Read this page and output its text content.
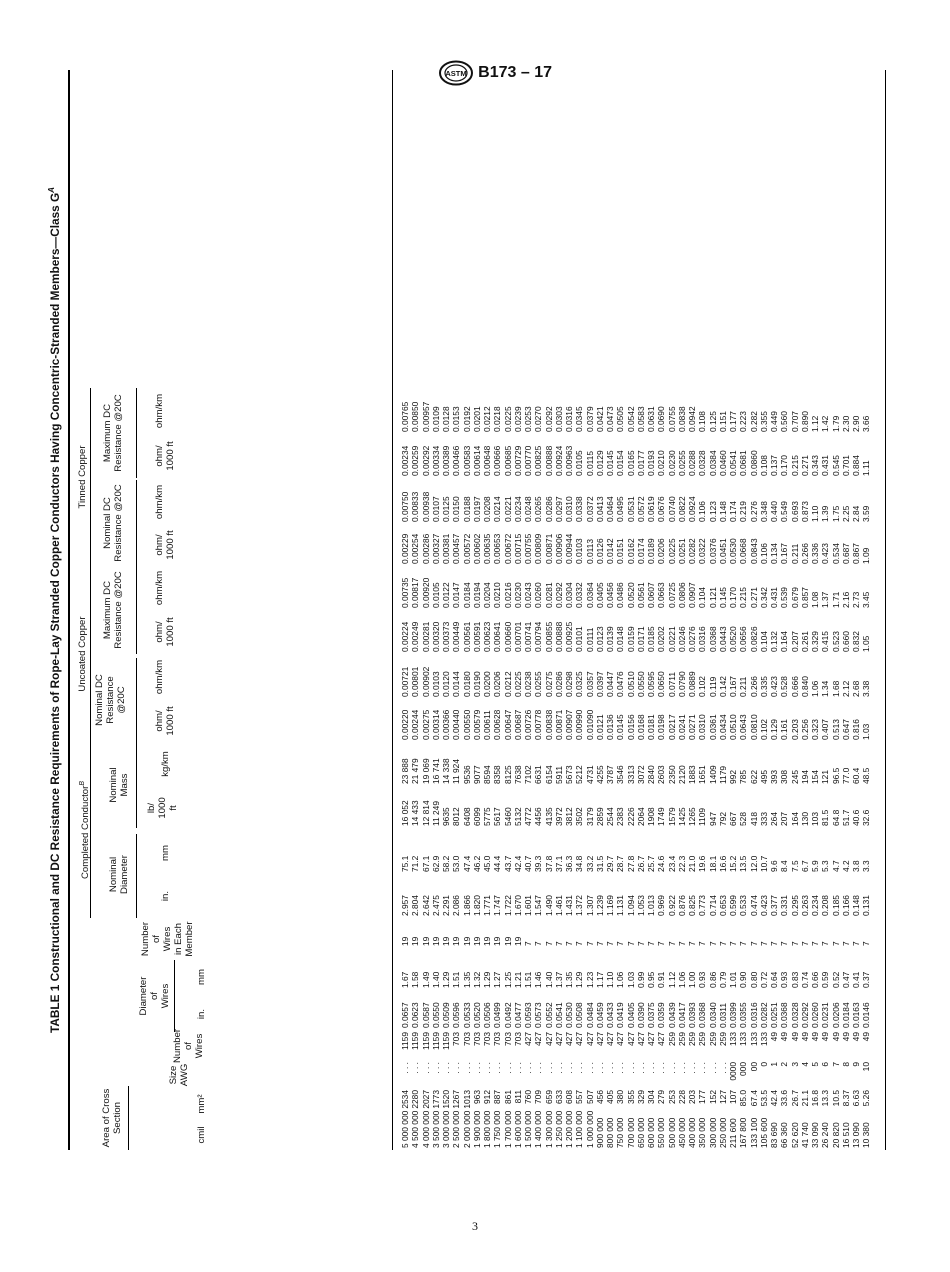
ASTM B173 – 17
TABLE 1 Constructional and DC Resistance Requirements of Rope-Lay Stranded Copper Conductors Having Concentric-Stranded Members—Class $G^A$
Area of Cross
Section
Size
AWG
Number
of
Wires
Diameter
of
Wires
Number
of
Wires
in Each
Member
Completed Conductor$^B$
Nominal
Diameter
Nominal
Mass
Uncoated Copper
Nominal DC
Resistance
@20C
Maximum DC
Resistance @20C
Tinned Copper
Nominal DC
Resistance @20C
Maximum DC
Resistance @20C
cmil
mm²
in.
mm
in.
mm
lb/
1000
ft
kg/km
ohm/
1000 ft
ohm/km
ohm/
1000 ft
ohm/km
ohm/
1000 ft
ohm/km
ohm/
1000 ft
ohm/km
5 000 000 4 500 000 4 000 000 3 500 000 3 000 000 2 500 000 2 000 000 1 900 000 1 800 000 1 750 000 1 700 000 1 600 000 1 500 000 1 400 000 1 300 000 1 250 000 1 200 000 1 100 000 1 000 000 900 000 800 000 750 000 700 000 650 000 600 000 550 000 500 000 450 000 400 000 350 000 300 000 250 000 211 600 167 800 133 100 105 600 83 690 66 360 52 620 41 740 33 090 26 240 20 820 16 510 13 090 10 380
2534 2280 2027 1773 1520 1267 1013 963 912 887 861 811 760 709 659 633 608 557 507 456 405 380 355 329 304 279 253 228 203 177 152 127 107 85.0 67.4 53.5 42.4 33.6 26.7 21.1 16.8 13.3 10.5 8.37 6.63 5.26
. . . . . . . . . . . . . . . . . . . . . . . . . . . . . . . . . . . . . . . . . . . . . . . . . . . . . . . . . . . . . . . . . . . . . . . . . . . . . . . . . . . . . . . . . . . . . . . . 0000 000 00 0 1 2 3 4 5 6 7 8 9 10
1159 1159 1159 1159 1159 703 703 703 703 703 703 703 427 427 427 427 427 427 427 427 427 427 427 427 427 427 259 259 259 259 259 259 133 133 133 133 49 49 49 49 49 49 49 49 49 49
0.0657 0.0623 0.0587 0.0550 0.0509 0.0596 0.0533 0.0520 0.0506 0.0499 0.0492 0.0477 0.0593 0.0573 0.0552 0.0541 0.0530 0.0508 0.0484 0.0459 0.0433 0.0419 0.0405 0.0390 0.0375 0.0359 0.0439 0.0417 0.0393 0.0368 0.0340 0.0311 0.0399 0.0355 0.0316 0.0282 0.0251 0.0368 0.0328 0.0292 0.0260 0.0231 0.0206 0.0184 0.0163 0.0146
1.67 1.58 1.49 1.40 1.29 1.51 1.35 1.32 1.29 1.27 1.25 1.21 1.51 1.46 1.40 1.37 1.35 1.29 1.23 1.17 1.10 1.06 1.03 0.99 0.95 0.91 1.12 1.06 1.00 0.93 0.86 0.79 1.01 0.90 0.80 0.72 0.64 0.93 0.83 0.74 0.66 0.59 0.52 0.47 0.41 0.37
19 19 19 19 19 19 19 19 19 19 19 19 7 7 7 7 7 7 7 7 7 7 7 7 7 7 7 7 7 7 7 7 7 7 7 7 7 7 7 7 7 7 7 7 7 7
2.957 2.804 2.642 2.475 2.291 2.086 1.866 1.820 1.771 1.747 1.722 1.670 1.601 1.547 1.490 1.461 1.431 1.372 1.307 1.239 1.169 1.131 1.094 1.053 1.013 0.969 0.922 0.876 0.825 0.773 0.714 0.653 0.599 0.533 0.474 0.423 0.377 0.331 0.295 0.263 0.234 0.208 0.185 0.166 0.148 0.131
75.1 71.2 67.1 62.9 58.2 53.0 47.4 46.2 45.0 44.4 43.7 42.4 40.7 39.3 37.8 37.1 36.3 34.8 33.2 31.5 29.7 28.7 27.8 26.7 25.7 24.6 23.4 22.3 21.0 19.6 18.1 16.6 15.2 13.5 12.0 10.7 9.6 8.4 7.5 6.7 5.9 5.3 4.7 4.2 3.8 3.3
16 052 14 433 12 814 11 249 9635 8012 6408 6099 5775 5617 5460 5132 4772 4456 4135 3972 3812 3502 3179 2859 2544 2383 2226 2064 1908 1749 1579 1425 1265 1109 947 792 667 528 418 333 264 207 164 130 103 81.5 64.8 51.7 40.6 32.6
23 888 21 479 19 069 16 741 14 338 11 924 9536 9077 8594 8358 8125 7638 7102 6631 6154 5911 5673 5212 4731 4255 3787 3546 3313 3072 2840 2603 2350 2120 1883 1651 1409 1179 992 785 622 495 393 308 245 194 154 121 96.5 77.0 60.4 48.5
0.00220 0.00244 0.00275 0.00314 0.00366 0.00440 0.00550 0.00579 0.00611 0.00628 0.00647 0.00687 0.00726 0.00778 0.00838 0.00871 0.00907 0.00990 0.01090 0.0121 0.0136 0.0145 0.0156 0.0168 0.0181 0.0198 0.0217 0.0241 0.0271 0.0310 0.0361 0.0434 0.0510 0.0643 0.0810 0.102 0.129 0.161 0.203 0.256 0.323 0.407 0.513 0.647 0.816 1.03
0.00721 0.00801 0.00902 0.0103 0.0120 0.0144 0.0180 0.0190 0.0200 0.0206 0.0212 0.0225 0.0238 0.0255 0.0275 0.0286 0.0298 0.0325 0.0357 0.0397 0.0447 0.0476 0.0510 0.0550 0.0595 0.0650 0.0711 0.0790 0.0889 0.102 0.119 0.142 0.167 0.211 0.266 0.335 0.423 0.528 0.666 0.840 1.06 1.34 1.68 2.12 2.68 3.38
0.00224 0.00249 0.00281 0.00320 0.00373 0.00449 0.00561 0.00591 0.00623 0.00641 0.00660 0.00701 0.00741 0.00794 0.00855 0.00888 0.00925 0.0101 0.0111 0.0123 0.0139 0.0148 0.0159 0.0171 0.0185 0.0202 0.0221 0.0246 0.0276 0.0316 0.0368 0.0443 0.0520 0.0656 0.0826 0.104 0.132 0.164 0.207 0.261 0.329 0.415 0.523 0.660 0.832 1.05
0.00735 0.00817 0.00920 0.0105 0.0122 0.0147 0.0184 0.0194 0.0204 0.0210 0.0216 0.0230 0.0243 0.0260 0.0281 0.0292 0.0304 0.0332 0.0364 0.0405 0.0456 0.0486 0.0520 0.0561 0.0607 0.0663 0.0725 0.0806 0.0907 0.104 0.121 0.145 0.170 0.215 0.271 0.342 0.431 0.539 0.679 0.857 1.08 1.37 1.71 2.16 2.73 3.45
0.00229 0.00254 0.00286 0.00327 0.00381 0.00457 0.00572 0.00602 0.00635 0.00653 0.00672 0.00715 0.00755 0.00809 0.00871 0.00906 0.00944 0.0103 0.0113 0.0126 0.0142 0.0151 0.0162 0.0174 0.0189 0.0206 0.0225 0.0251 0.0282 0.0322 0.0376 0.0451 0.0530 0.0668 0.0843 0.106 0.134 0.167 0.211 0.266 0.336 0.423 0.534 0.687 0.867 1.09
0.00750 0.00833 0.00938 0.0107 0.0125 0.0150 0.0188 0.0197 0.0208 0.0214 0.0221 0.0234 0.0248 0.0265 0.0286 0.0297 0.0310 0.0338 0.0372 0.0413 0.0464 0.0495 0.0531 0.0572 0.0619 0.0676 0.0740 0.0822 0.0924 0.106 0.123 0.148 0.174 0.219 0.276 0.348 0.440 0.549 0.693 0.873 1.10 1.39 1.75 2.25 2.84 3.59
0.00234 0.00259 0.00292 0.00334 0.00389 0.00466 0.00583 0.00614 0.00648 0.00666 0.00685 0.00729 0.00770 0.00825 0.00888 0.00924 0.00963 0.0105 0.0115 0.0129 0.0145 0.0154 0.0165 0.0177 0.0193 0.0210 0.0230 0.0255 0.0288 0.0328 0.0384 0.0460 0.0541 0.0681 0.0860 0.108 0.137 0.170 0.215 0.271 0.343 0.431 0.545 0.701 0.884 1.11
0.00765 0.00850 0.00957 0.0109 0.0128 0.0153 0.0192 0.0201 0.0212 0.0218 0.0225 0.0239 0.0253 0.0270 0.0292 0.0303 0.0316 0.0345 0.0379 0.0421 0.0473 0.0505 0.0542 0.0583 0.0631 0.0690 0.0755 0.0838 0.0942 0.108 0.125 0.151 0.177 0.223 0.282 0.355 0.449 0.560 0.707 0.890 1.12 1.42 1.79 2.30 2.90 3.66
3
